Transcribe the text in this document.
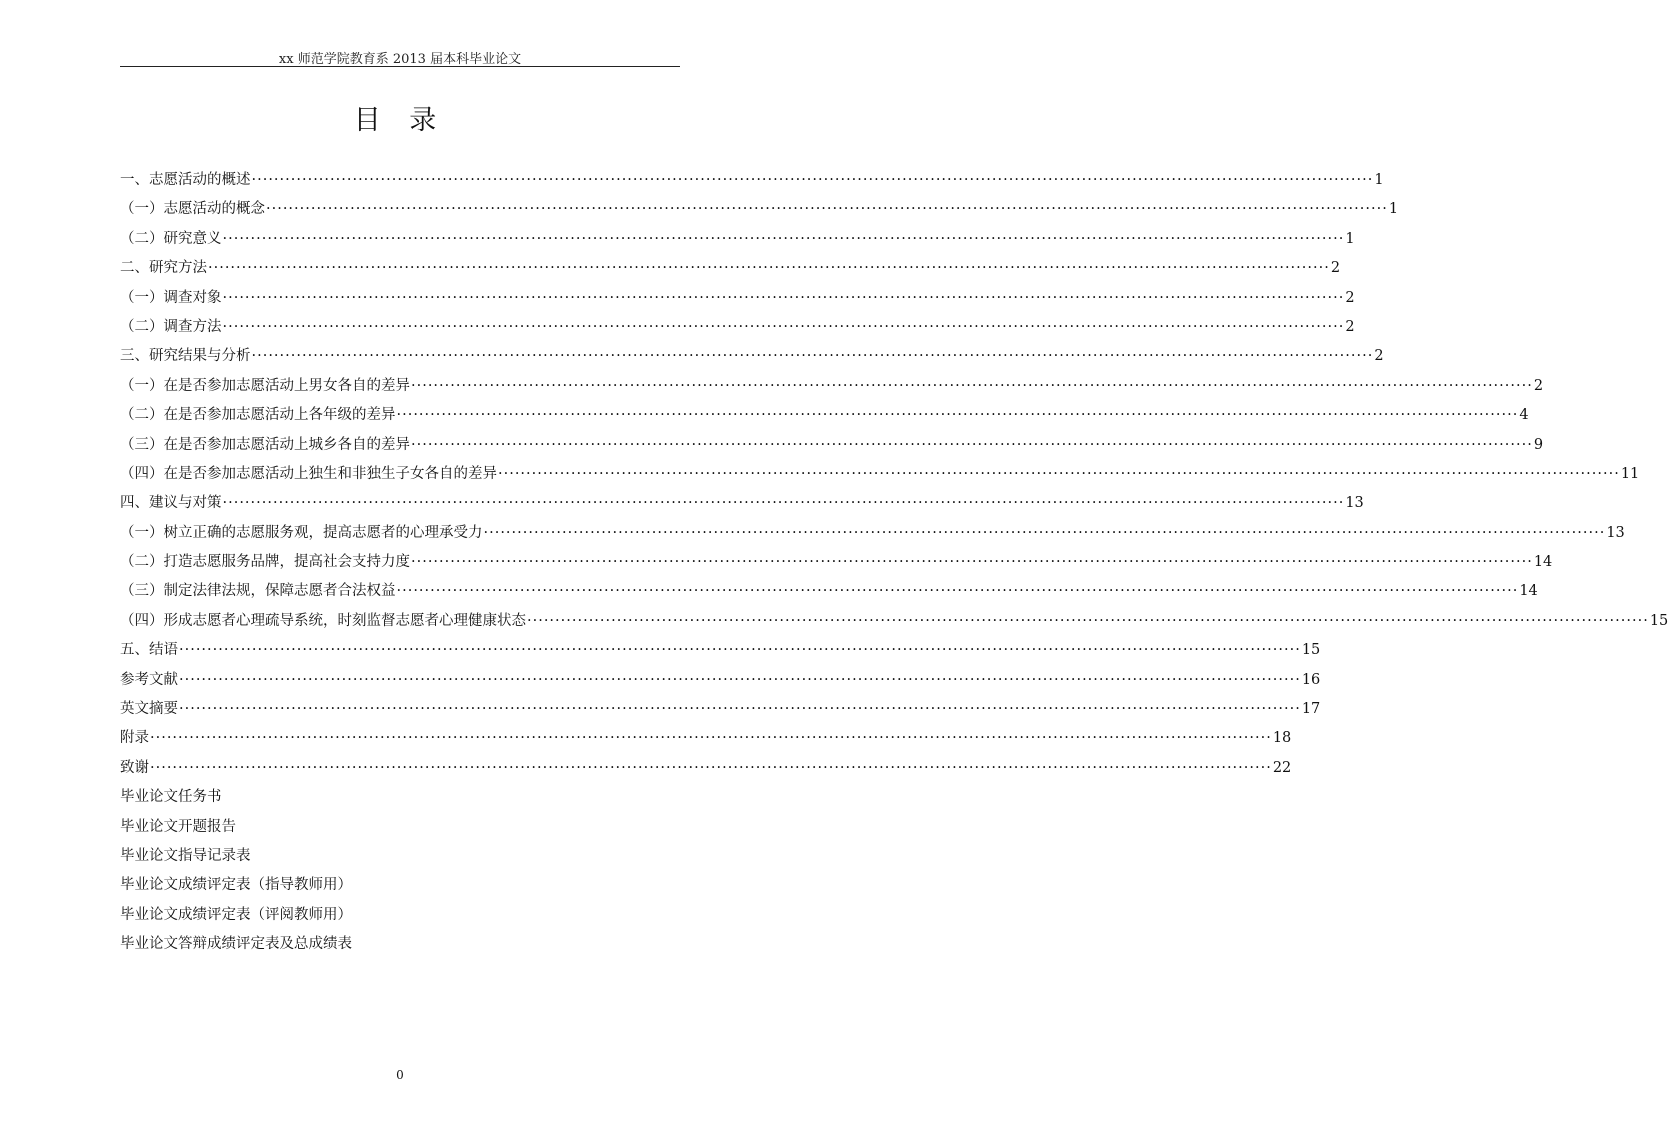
xx 师范学院教育系 2013 届本科毕业论文
目 录
一、志愿活动的概述 ········································································································································································································ 1
（一）志愿活动的概念 ········································································································································································································ 1
（二）研究意义 ········································································································································································································ 1
二、研究方法 ········································································································································································································ 2
（一）调查对象 ········································································································································································································ 2
（二）调查方法 ········································································································································································································ 2
三、研究结果与分析 ········································································································································································································ 2
（一）在是否参加志愿活动上男女各自的差异 ········································································································································································································ 2
（二）在是否参加志愿活动上各年级的差异 ········································································································································································································ 4
（三）在是否参加志愿活动上城乡各自的差异 ········································································································································································································ 9
（四）在是否参加志愿活动上独生和非独生子女各自的差异 ········································································································································································································ 11
四、建议与对策 ········································································································································································································ 13
（一）树立正确的志愿服务观，提高志愿者的心理承受力 ········································································································································································································ 13
（二）打造志愿服务品牌，提高社会支持力度 ········································································································································································································ 14
（三）制定法律法规，保障志愿者合法权益 ········································································································································································································ 14
（四）形成志愿者心理疏导系统，时刻监督志愿者心理健康状态 ········································································································································································································ 15
五、结语 ········································································································································································································ 15
参考文献 ········································································································································································································ 16
英文摘要 ········································································································································································································ 17
附录 ········································································································································································································ 18
致谢 ········································································································································································································ 22
毕业论文任务书
毕业论文开题报告
毕业论文指导记录表
毕业论文成绩评定表（指导教师用）
毕业论文成绩评定表（评阅教师用）
毕业论文答辩成绩评定表及总成绩表
0
